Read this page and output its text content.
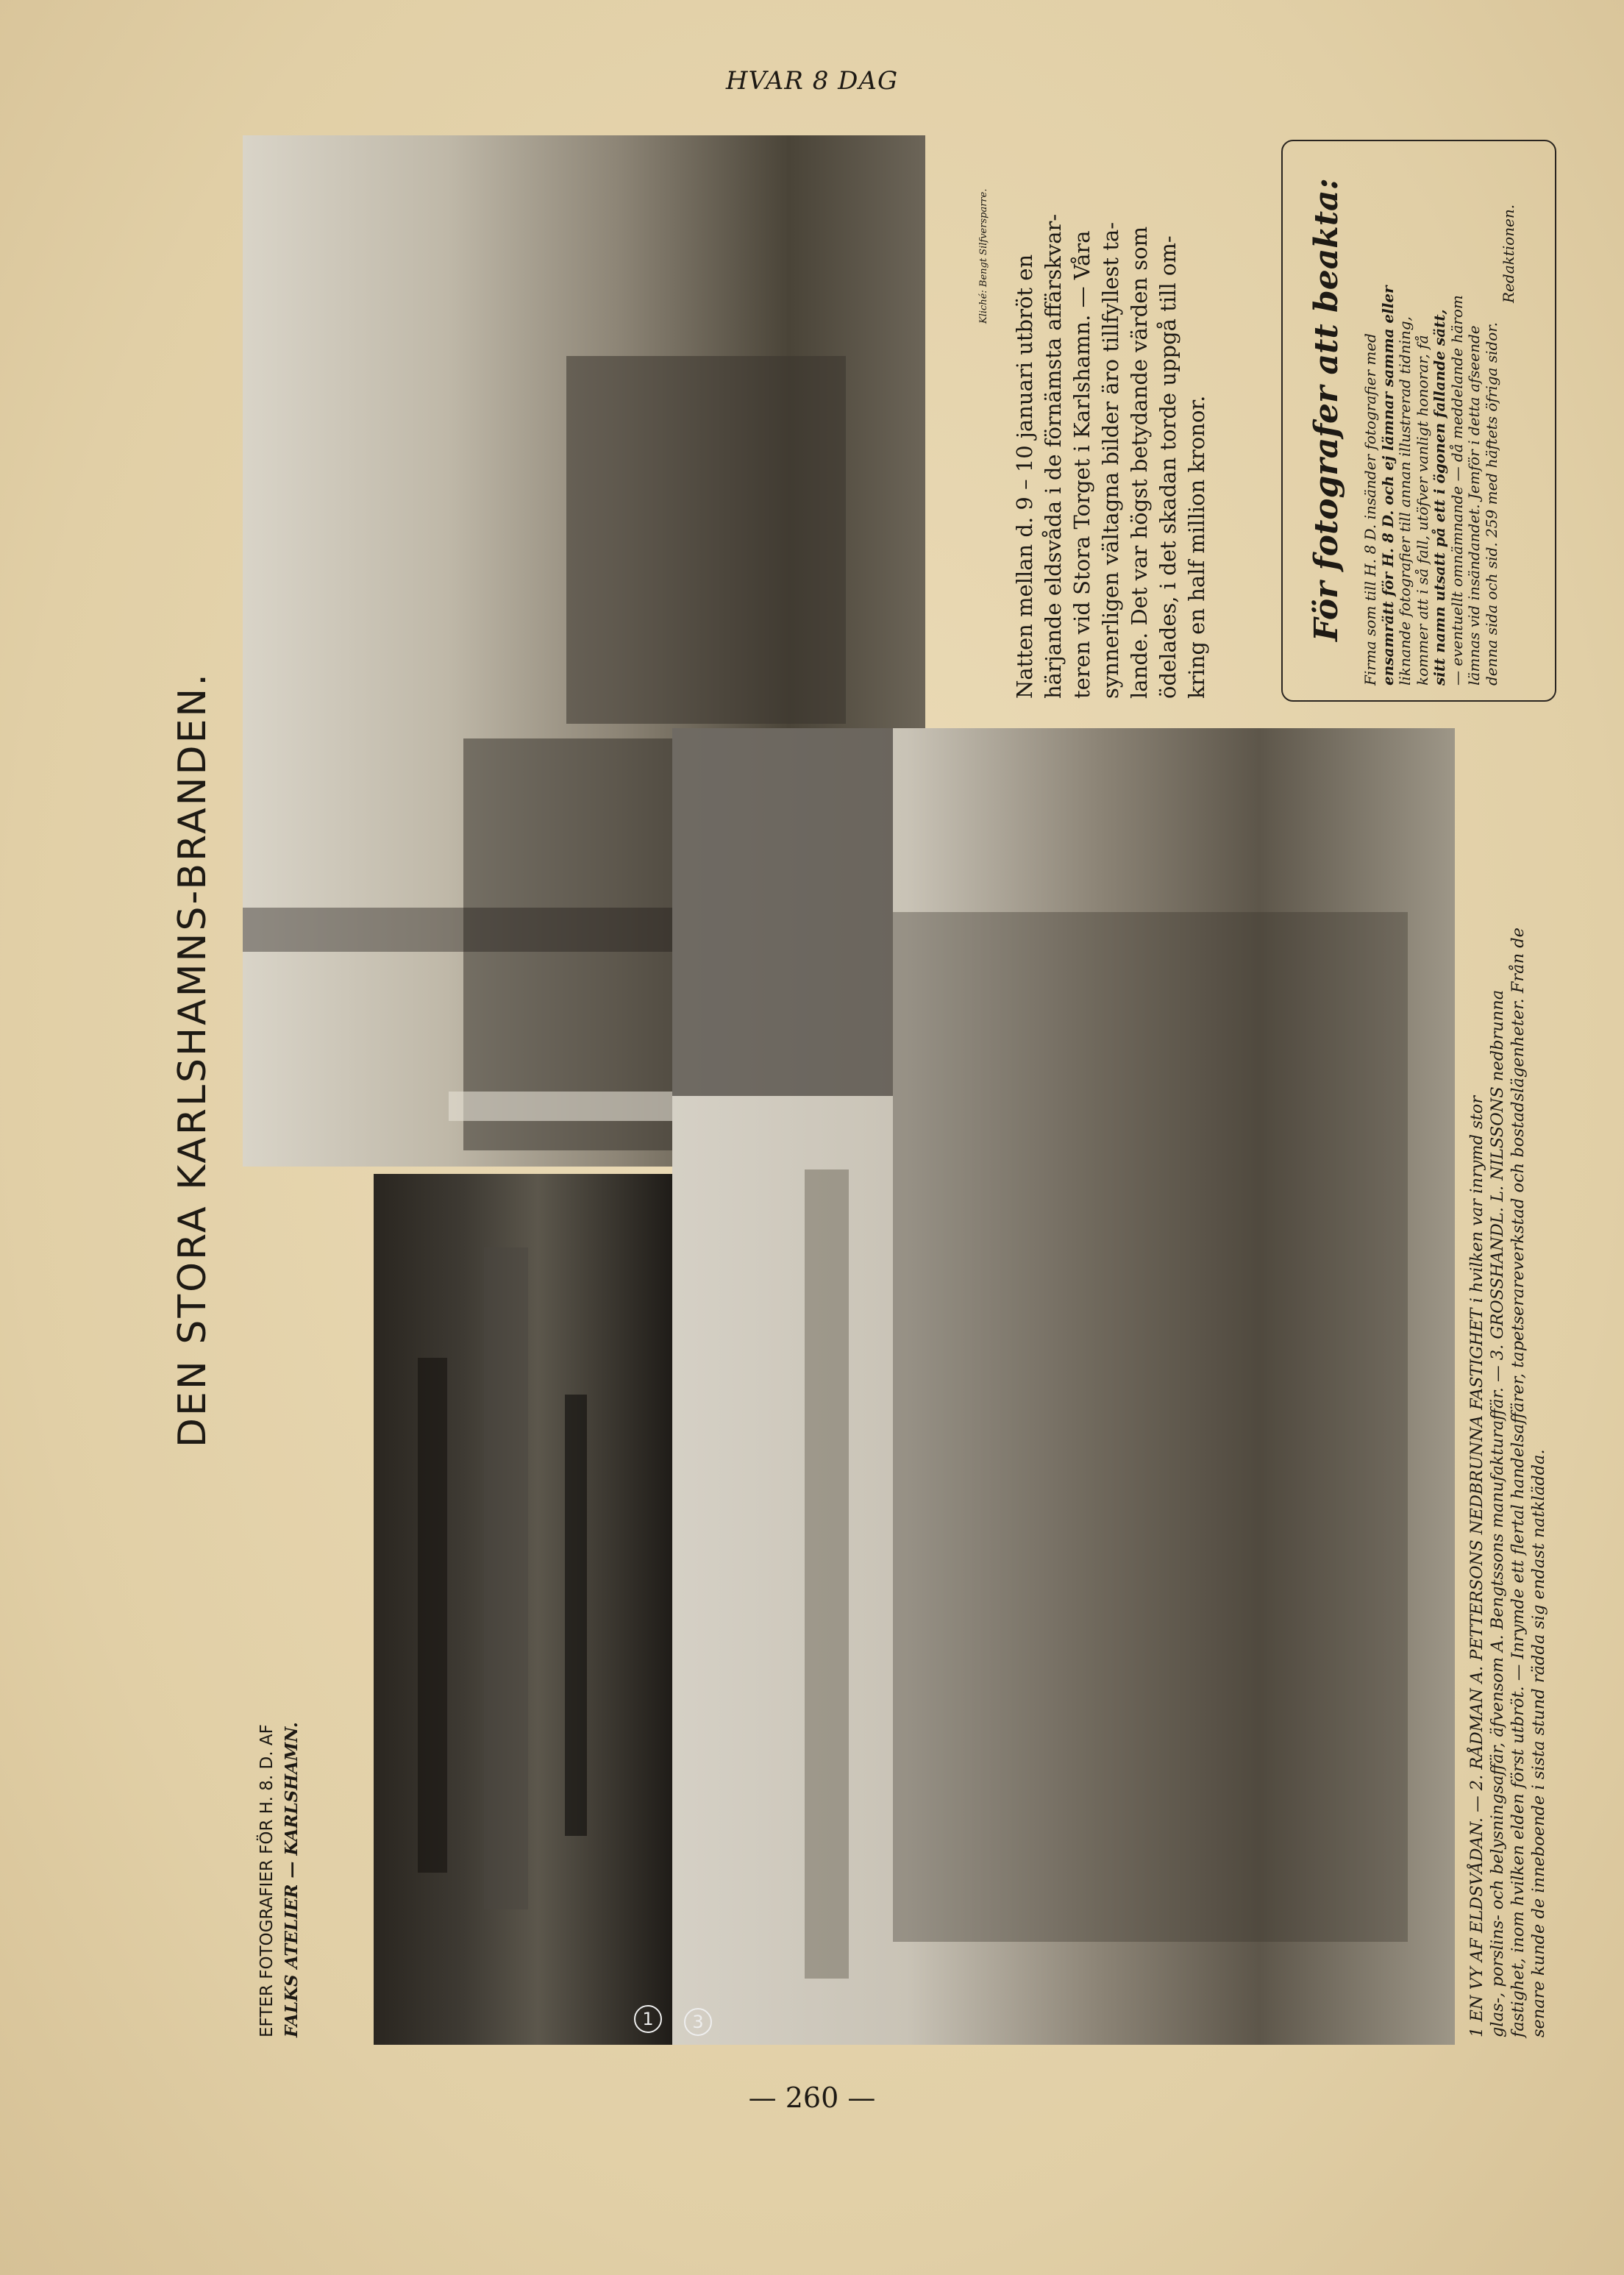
HVAR 8 DAG
DEN STORA KARLSHAMNS-BRANDEN.
EFTER FOTOGRAFIER FÖR H. 8. D. AF FALKS ATELIER — KARLSHAMN.	1	3	1 EN VY AF ELDSVÅDAN. — 2. RÅDMAN A. PETTERSONS NEDBRUNNA FASTIGHET i hvilken var inrymd stor glas-, porslins- och belysningsaffär, äfvensom A. Bengtssons manufakturaffär. — 3. GROSSHANDL. L. NILSSONS nedbrunna fastighet, inom hvilken elden först utbröt. — Inrymde ett flertal handelsaffärer, tapetserareverkstad och bostadslägenheter. Från de senare kunde de inneboende i sista stund rädda sig endast natkläddа.
Kliché: Bengt Silfversparre. Natten mellan d. 9 – 10 januari utbröt en härjande eldsvåda i de förnämsta affärskvar- teren vid Stora Torget i Karlshamn. — Våra synnerligen vältagna bilder äro tillfyllest ta- lande. Det var högst betydande värden som ödelades, i det skadan torde uppgå till om- kring en half million kronor.	För fotografer att beakta: Firma som till H. 8 D. insänder fotografier med ensamrätt för H. 8 D. och ej lämnar samma eller liknande fotografier till annan illustrerad tidning, kommer att i så fall, utöfver vanligt honorar, få sitt namn utsatt på ett i ögonen fallande sätt, — eventuellt omnämnande — då meddelande härom lämnas vid insändandet. Jemför i detta afseende denna sida och sid. 259 med häftets öfriga sidor.
Redaktionen.
— 260 —
